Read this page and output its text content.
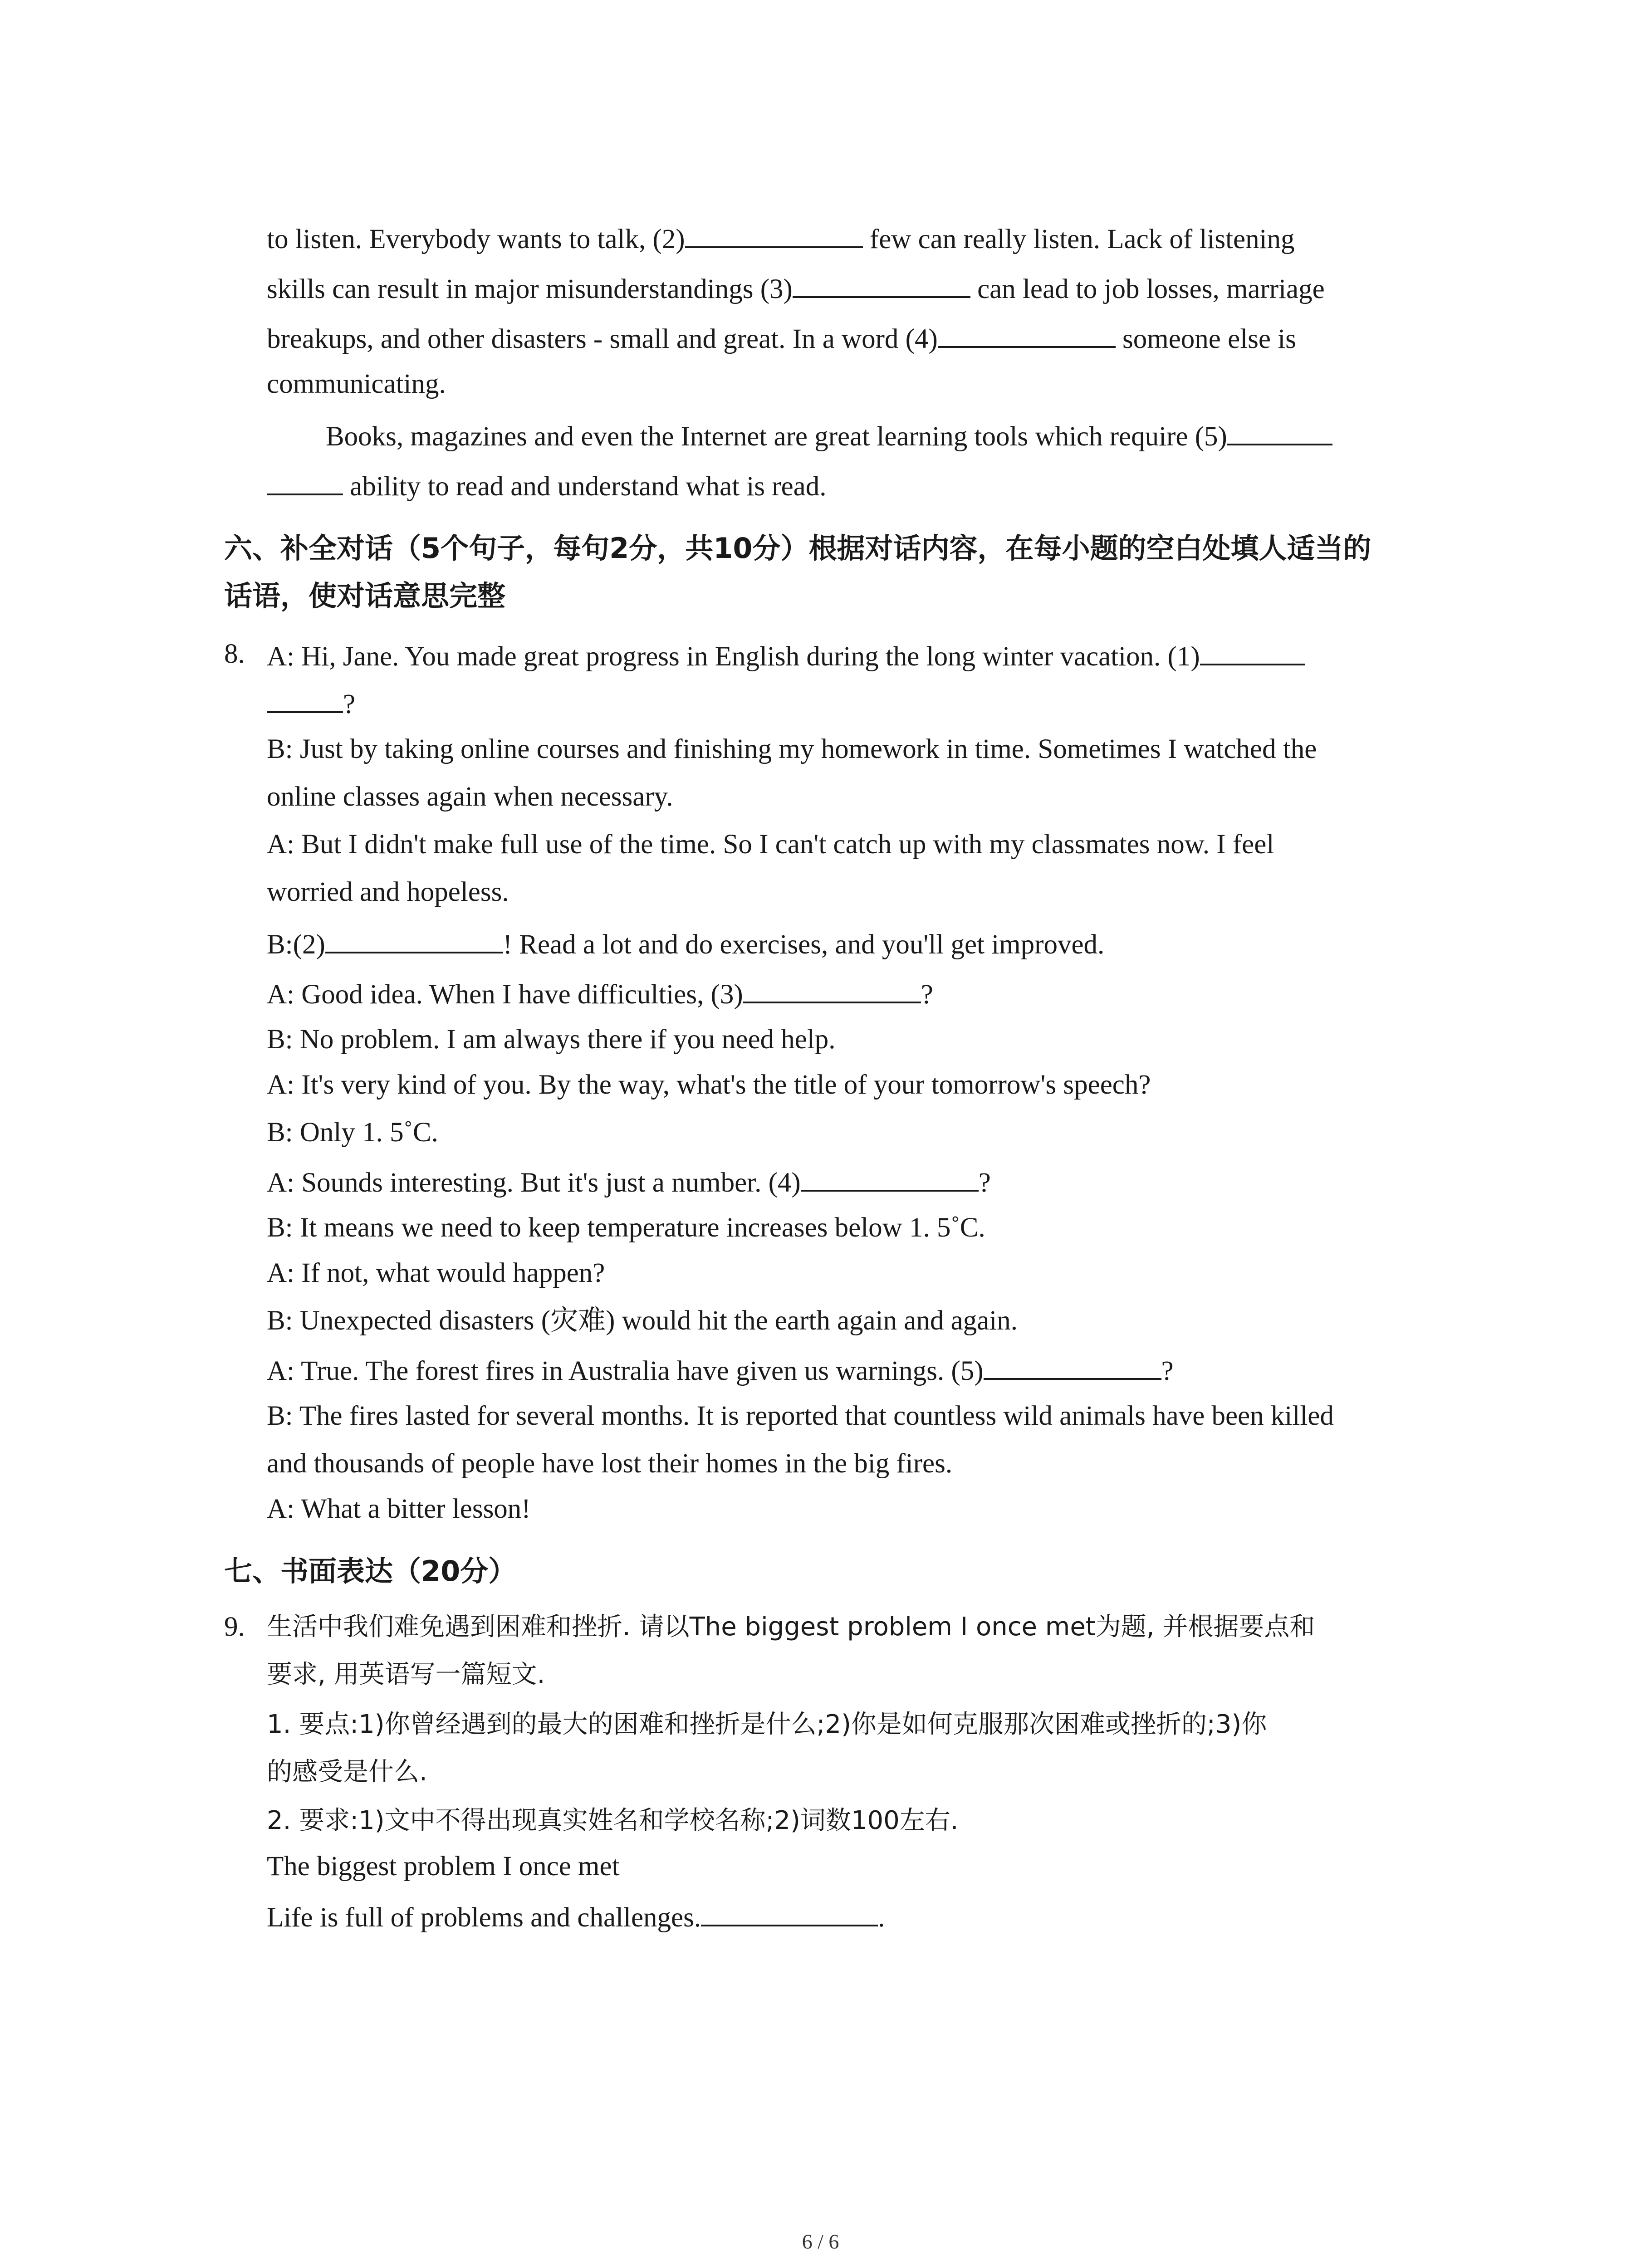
to listen. Everybody wants to talk, (2)	few can really listen. Lack of listening
skills can result in major misunderstandings (3)	can lead to job losses, marriage
breakups, and other disasters - small and great. In a word (4)	someone else is
communicating.
Books, magazines and even the Internet are great learning tools which require (5)
ability to read and understand what is read.
六、补全对话（5个句子，每句2分，共10分）根据对话内容，在每小题的空白处填人适当的
话语，使对话意思完整
8. A: Hi, Jane. You made great progress in English during the long winter vacation. (1)
?
B: Just by taking online courses and finishing my homework in time. Sometimes I watched the
online classes again when necessary.
A: But I didn't make full use of the time. So I can't catch up with my classmates now. I feel
worried and hopeless.
B:(2)	! Read a lot and do exercises, and you'll get improved.
A: Good idea. When I have difficulties, (3)	?
B: No problem. I am always there if you need help.
A: It's very kind of you. By the way, what's the title of your tomorrow's speech?
B: Only 1. 5˚C.
A: Sounds interesting. But it's just a number. (4)	?
B: It means we need to keep temperature increases below 1. 5˚C.
A: If not, what would happen?
B: Unexpected disasters (灾难) would hit the earth again and again.
A: True. The forest fires in Australia have given us warnings. (5)	?
B: The fires lasted for several months. It is reported that countless wild animals have been killed
and thousands of people have lost their homes in the big fires.
A: What a bitter lesson!
七、书面表达（20分）
9. 生活中我们难免遇到困难和挫折. 请以The biggest problem I once met为题, 并根据要点和
要求, 用英语写一篇短文.
1. 要点:1)你曾经遇到的最大的困难和挫折是什么;2)你是如何克服那次困难或挫折的;3)你
的感受是什么.
2. 要求:1)文中不得出现真实姓名和学校名称;2)词数100左右.
The biggest problem I once met
Life is full of problems and challenges.	.
6 / 6
